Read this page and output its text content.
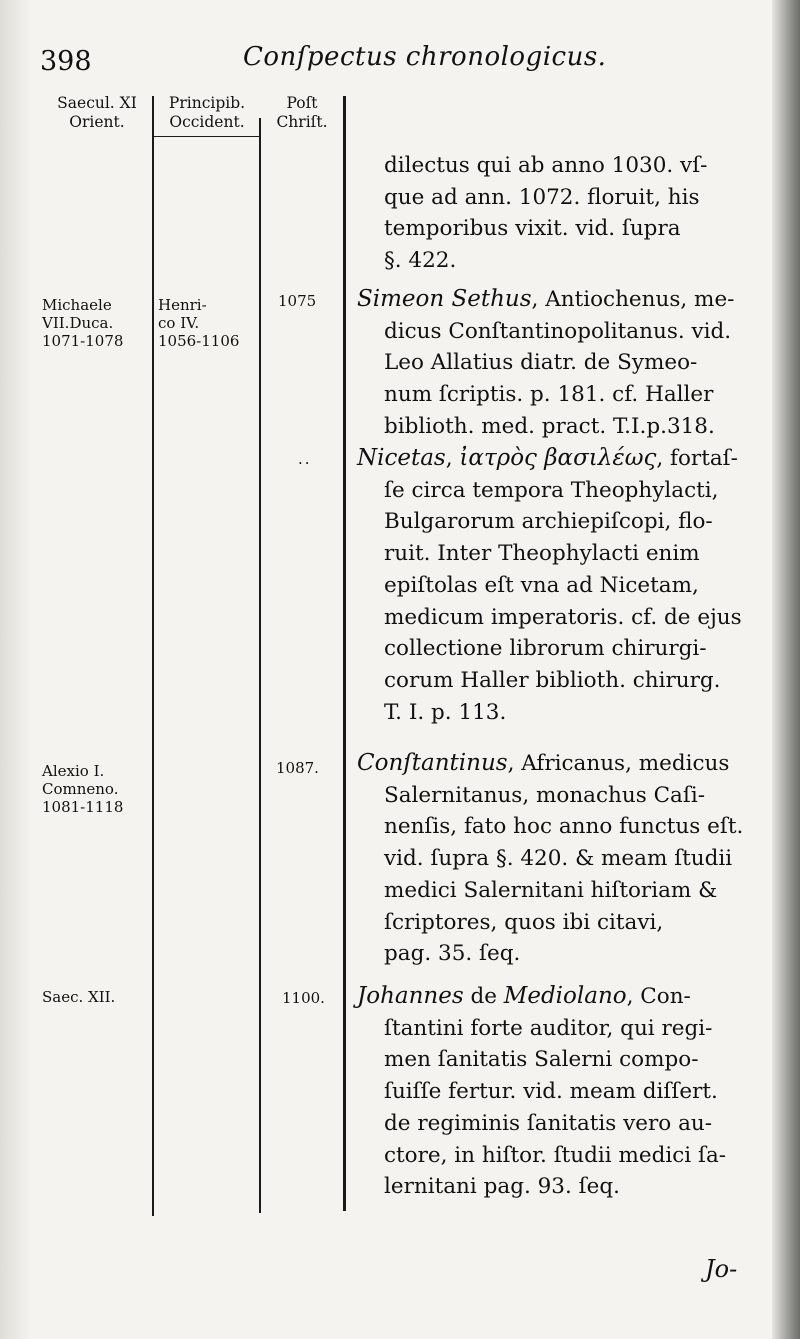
398	Conſpectus chronologicus.
Saecul. XI
Orient.
Principib.
Occident.
Poſt
Chriſt.
Michaele
VII.Duca.
1071-1078
Henri-
co IV.
1056-1106
1075
..
Alexio I.
Comneno.
1081-1118
1087.
Saec. XII.	1100.
dilectus qui ab anno 1030. vſ-
que ad ann. 1072. floruit, his
temporibus vixit. vid. ſupra
§. 422.
Simeon Sethus, Antiochenus, me-
dicus Conſtantinopolitanus. vid.
Leo Allatius diatr. de Symeo-
num ſcriptis. p. 181. cf. Haller
biblioth. med. pract. T.I.p.318.
Nicetas, ἰατρὸς βασιλέως, fortaſ-
ſe circa tempora Theophylacti,
Bulgarorum archiepiſcopi, flo-
ruit. Inter Theophylacti enim
epiſtolas eſt vna ad Nicetam,
medicum imperatoris. cf. de ejus
collectione librorum chirurgi-
corum Haller biblioth. chirurg.
T. I. p. 113.
Conſtantinus, Africanus, medicus
Salernitanus, monachus Caſi-
nenſis, fato hoc anno functus eſt.
vid. ſupra §. 420. & meam ſtudii
medici Salernitani hiſtoriam &
ſcriptores, quos ibi citavi,
pag. 35. ſeq.
Johannes de Mediolano, Con-
ſtantini forte auditor, qui regi-
men ſanitatis Salerni compo-
ſuiſſe fertur. vid. meam diſſert.
de regiminis ſanitatis vero au-
ctore, in hiſtor. ſtudii medici ſa-
lernitani pag. 93. ſeq.
Jo-
